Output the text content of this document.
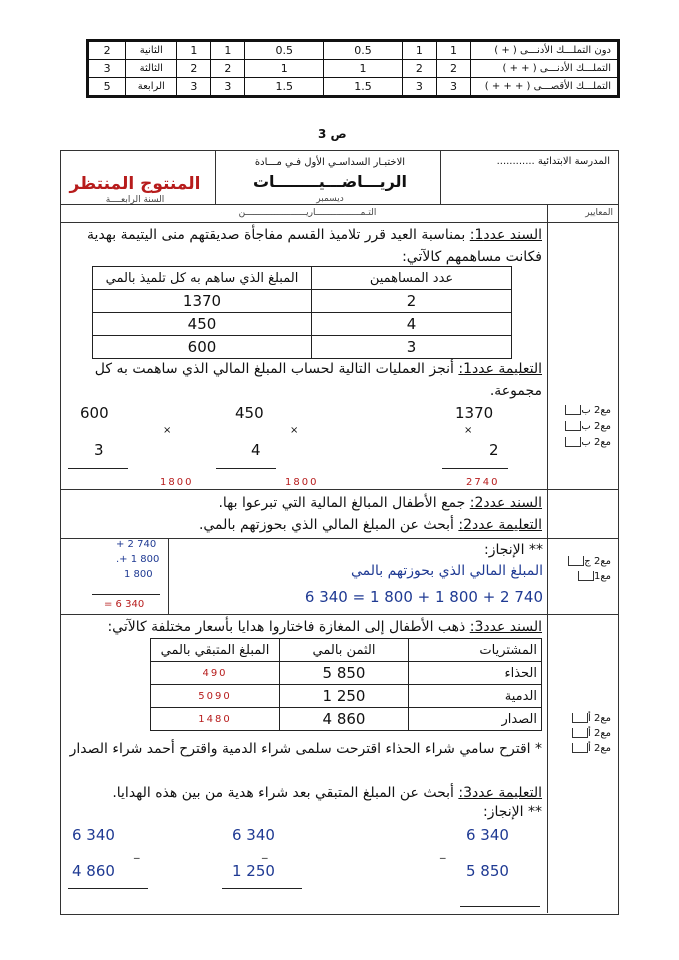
2	الثانية	1	1	0.5	0.5	1	1	دون التملـــك الأدنـــى ( + )
3	الثالثة	2	2	1	1	2	2	التملـــك الأدنـــى ( + + )
5	الرابعة	3	3	1.5	1.5	3	3	التملـــك الأقصـــى ( + + + )
ص 3
المدرسة الابتدائية ............
الاختبـار السداسـي الأول فـي مـــادة
الريـــاضـــيــــــــات
ديسمبر
المنتوج المنتظر
السنة الرابعــــة
التـمـــــــــــــــــاريـــــــــــــــــــــــن	المعايير
السند عدد1: بمناسبة العيد قرر تلاميذ القسم مفاجأة صديقتهم منى اليتيمة بهدية فكانت مساهمهم كالآتي:
المبلغ الذي ساهم به كل تلميذ بالمي	عدد المساهمين
1370	2
450	4
600	3
التعليمة عدد1: أنجز العمليات التالية لحساب المبلغ المالي الذي ساهمت به كل مجموعة.
600
×
3
1800
450
×
4
1800
1370
×
2
2740
مع2 ب
مع2 ب
مع2 ب
السند عدد2: جمع الأطفال المبالغ المالية التي تبرعوا بها.
التعليمة عدد2: أبحث عن المبلغ المالي الذي بحوزتهم بالمي.
+ 2 740
.+ 1 800
1 800
= 6 340
** الإنجاز:
المبلغ المالي الذي بحوزتهم بالمي
6 340 = 1 800 + 1 800 + 2 740
مع2 ج
مع1
السند عدد3: ذهب الأطفال إلى المغازة فاختاروا هدايا بأسعار مختلفة كالآتي:
المبلغ المتبقي بالمي	الثمن بالمي	المشتريات
490	5 850	الحذاء
5090	1 250	الدمية
1480	4 860	الصدار
* اقترح سامي شراء الحذاء اقترحت سلمى شراء الدمية واقترح أحمد شراء الصدار
التعليمة عدد3: أبحث عن المبلغ المتبقي بعد شراء هدية من بين هذه الهدايا.
** الإنجاز:
مع2 أ
مع2 أ
مع2 أ
6 340
_
4 860
6 340
_
1 250
6 340
_
5 850
